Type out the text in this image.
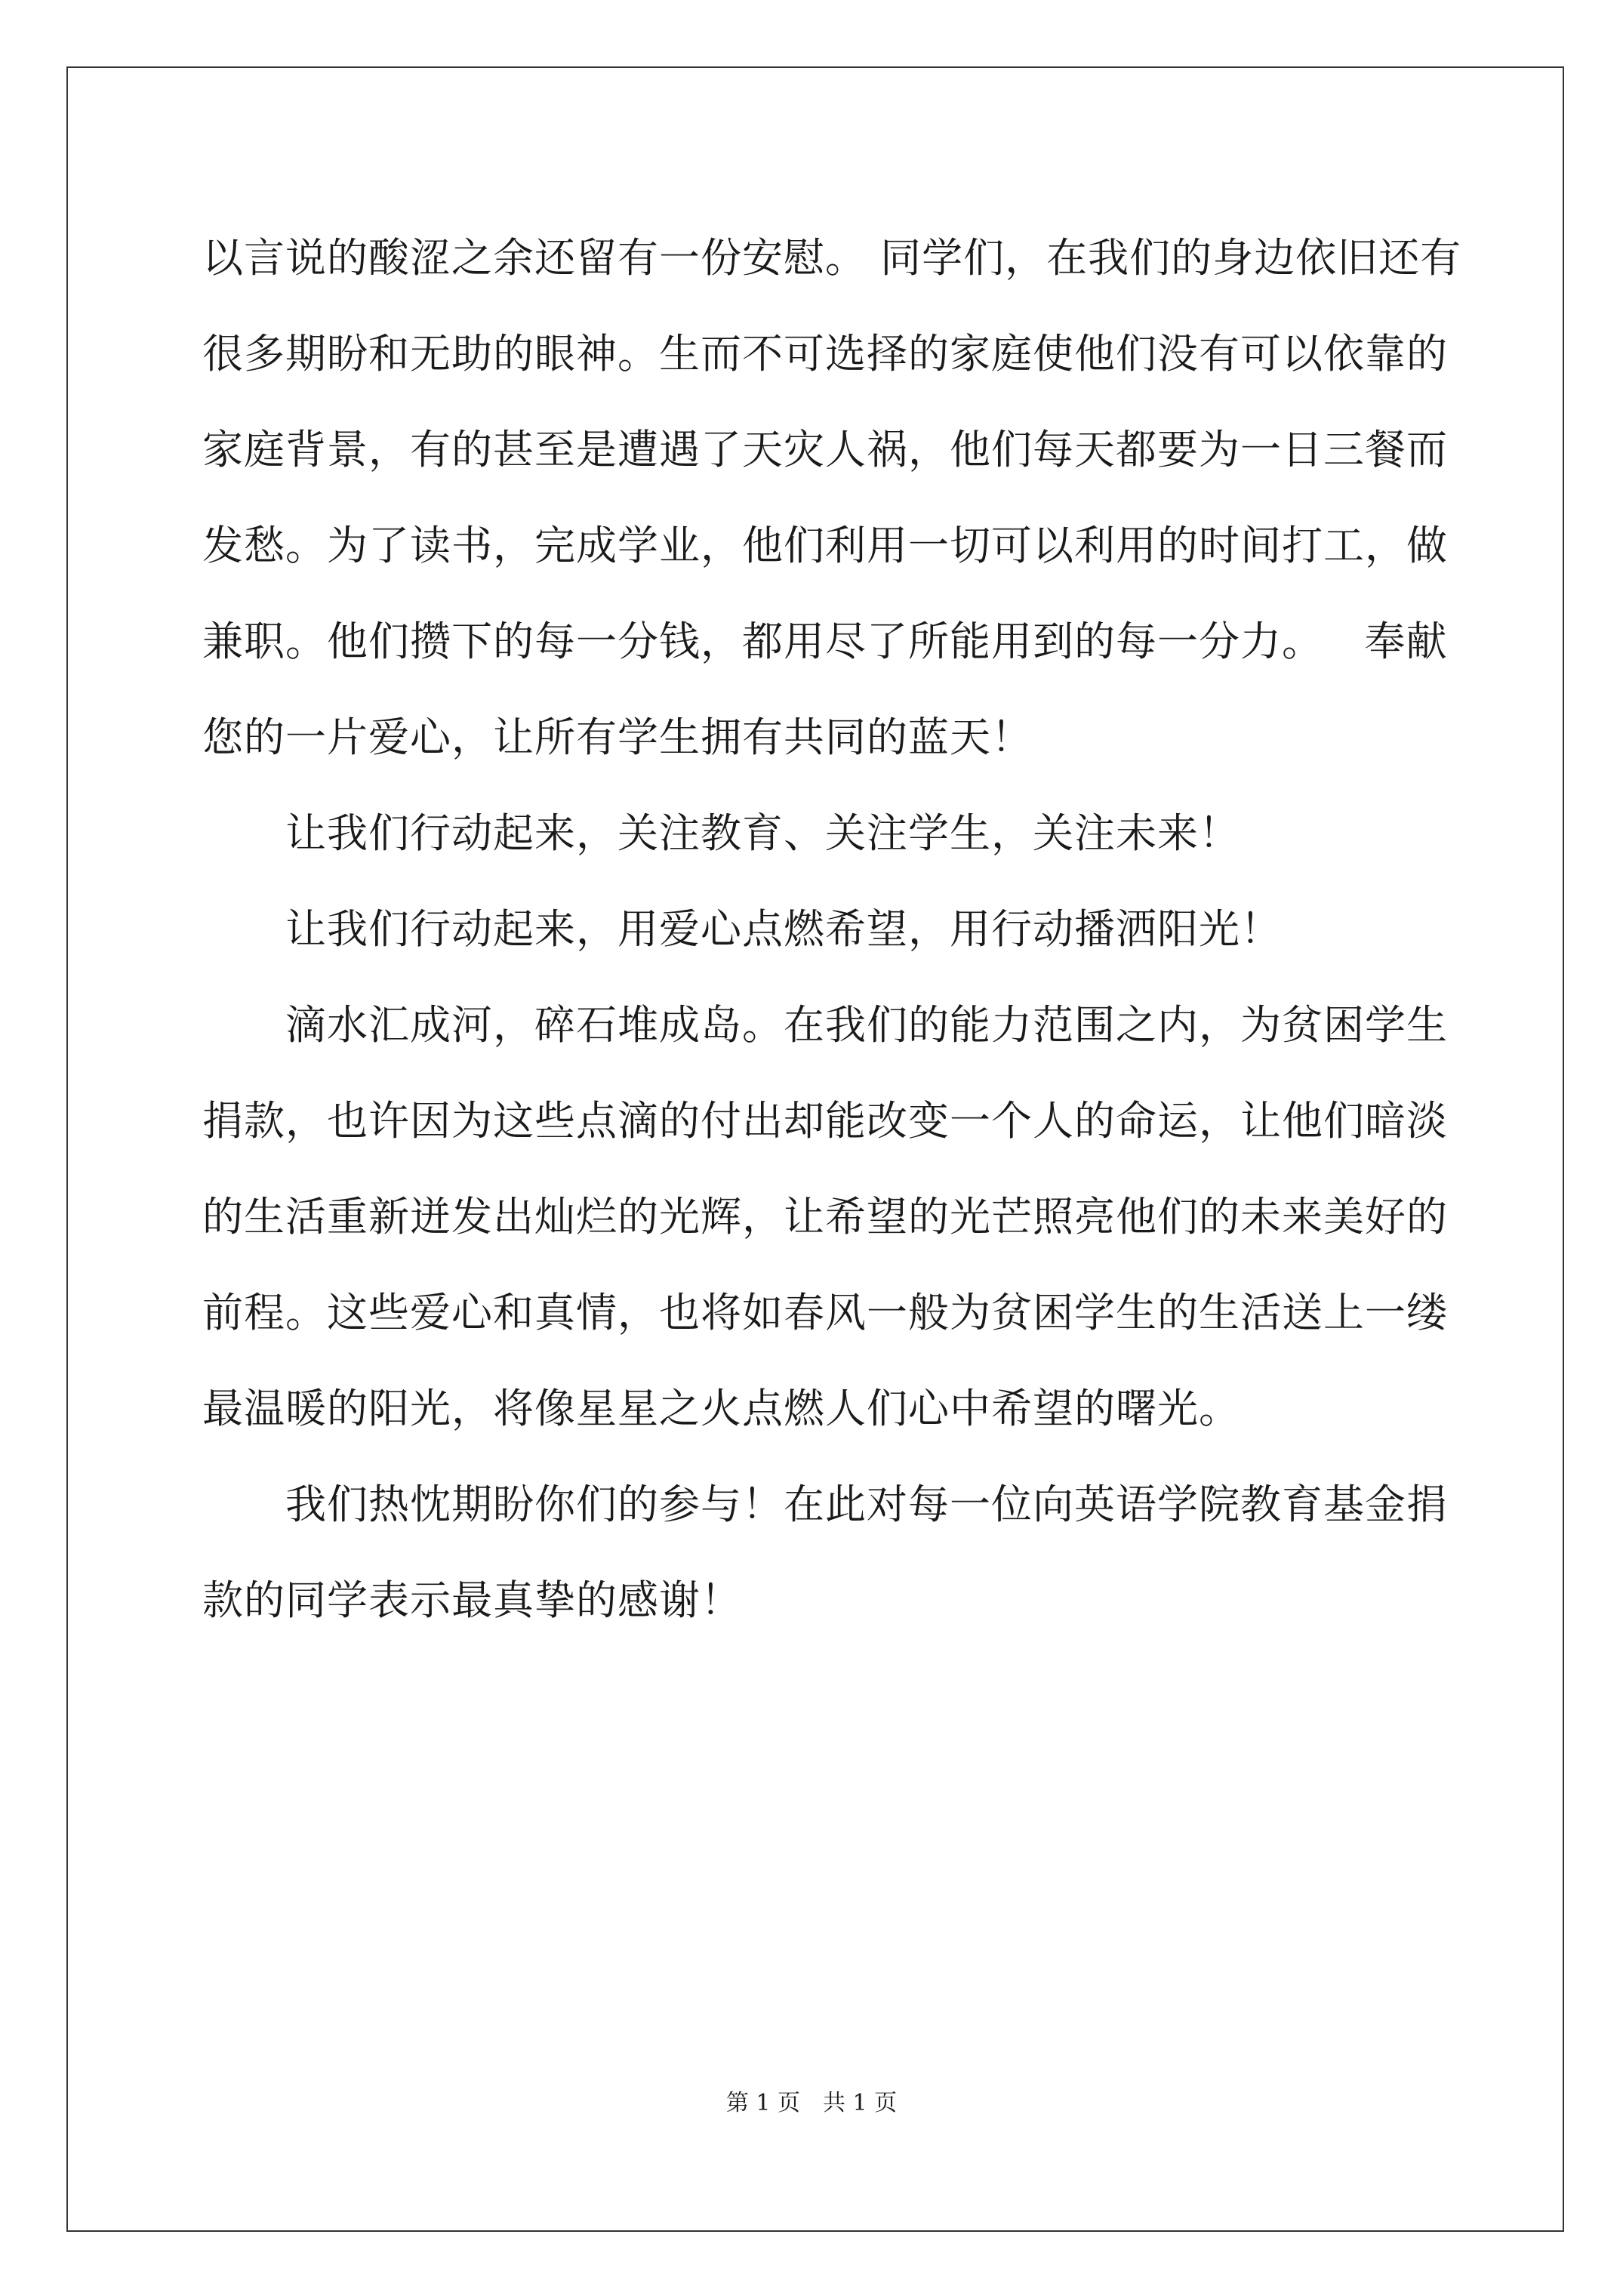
以言说的酸涩之余还留有一份安慰。 同学们，在我们的身边依旧还有
很多期盼和无助的眼神。生而不可选择的家庭使他们没有可以依靠的
家庭背景，有的甚至是遭遇了天灾人祸，他们每天都要为一日三餐而
发愁。为了读书，完成学业，他们利用一切可以利用的时间打工，做
兼职。他们攒下的每一分钱，都用尽了所能用到的每一分力。   奉献
您的一片爱心，让所有学生拥有共同的蓝天！
让我们行动起来，关注教育、关注学生，关注未来！
让我们行动起来，用爱心点燃希望，用行动播洒阳光！
滴水汇成河，碎石堆成岛。在我们的能力范围之内，为贫困学生
捐款，也许因为这些点滴的付出却能改变一个人的命运，让他们暗淡
的生活重新迸发出灿烂的光辉，让希望的光芒照亮他们的未来美好的
前程。这些爱心和真情，也将如春风一般为贫困学生的生活送上一缕
最温暖的阳光，将像星星之火点燃人们心中希望的曙光。
我们热忱期盼你们的参与！在此对每一位向英语学院教育基金捐
款的同学表示最真挚的感谢！
第 1 页　共 1 页
